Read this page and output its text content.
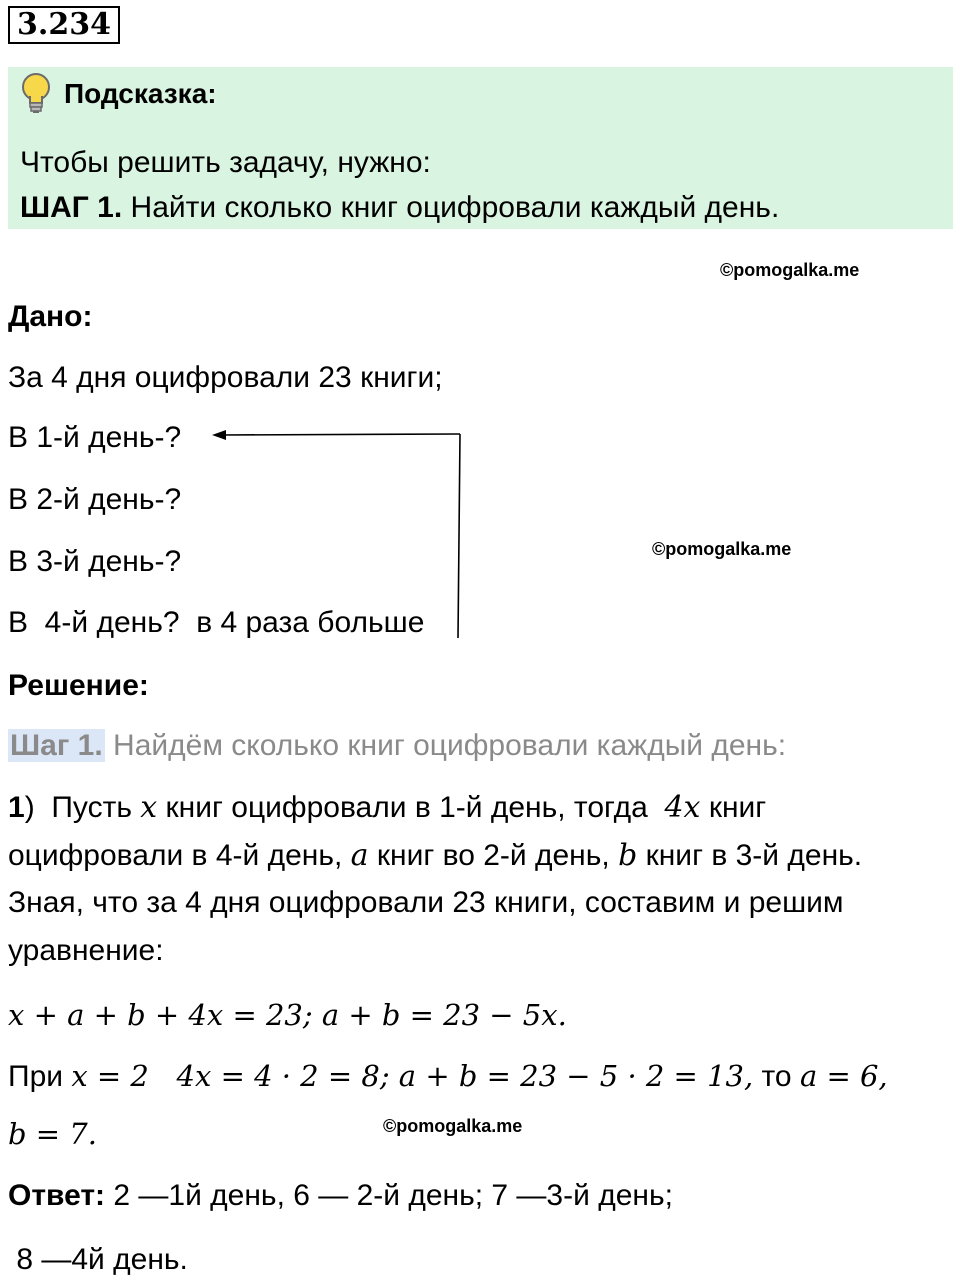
3.234
Подсказка:
Чтобы решить задачу, нужно:
ШАГ 1. Найти сколько книг оцифровали каждый день.
©pomogalka.me
©pomogalka.me
©pomogalka.me
Дано:
За 4 дня оцифровали 23 книги;
В 1-й день-?
В 2-й день-?
В 3-й день-?
В  4-й день?  в 4 раза больше
Решение:
Шаг 1. Найдём сколько книг оцифровали каждый день:
1)  Пусть x книг оцифровали в 1-й день, тогда  4x книг
оцифровали в 4-й день, a книг во 2-й день, b книг в 3-й день.
Зная, что за 4 дня оцифровали 23 книги, составим и решим
уравнение:
x + a + b + 4x = 23; a + b = 23 − 5x.
При x = 2   4x = 4 · 2 = 8; a + b = 23 − 5 · 2 = 13, то a = 6,
b = 7.
Ответ: 2 —1й день, 6 — 2-й день; 7 —3-й день;
8 —4й день.
